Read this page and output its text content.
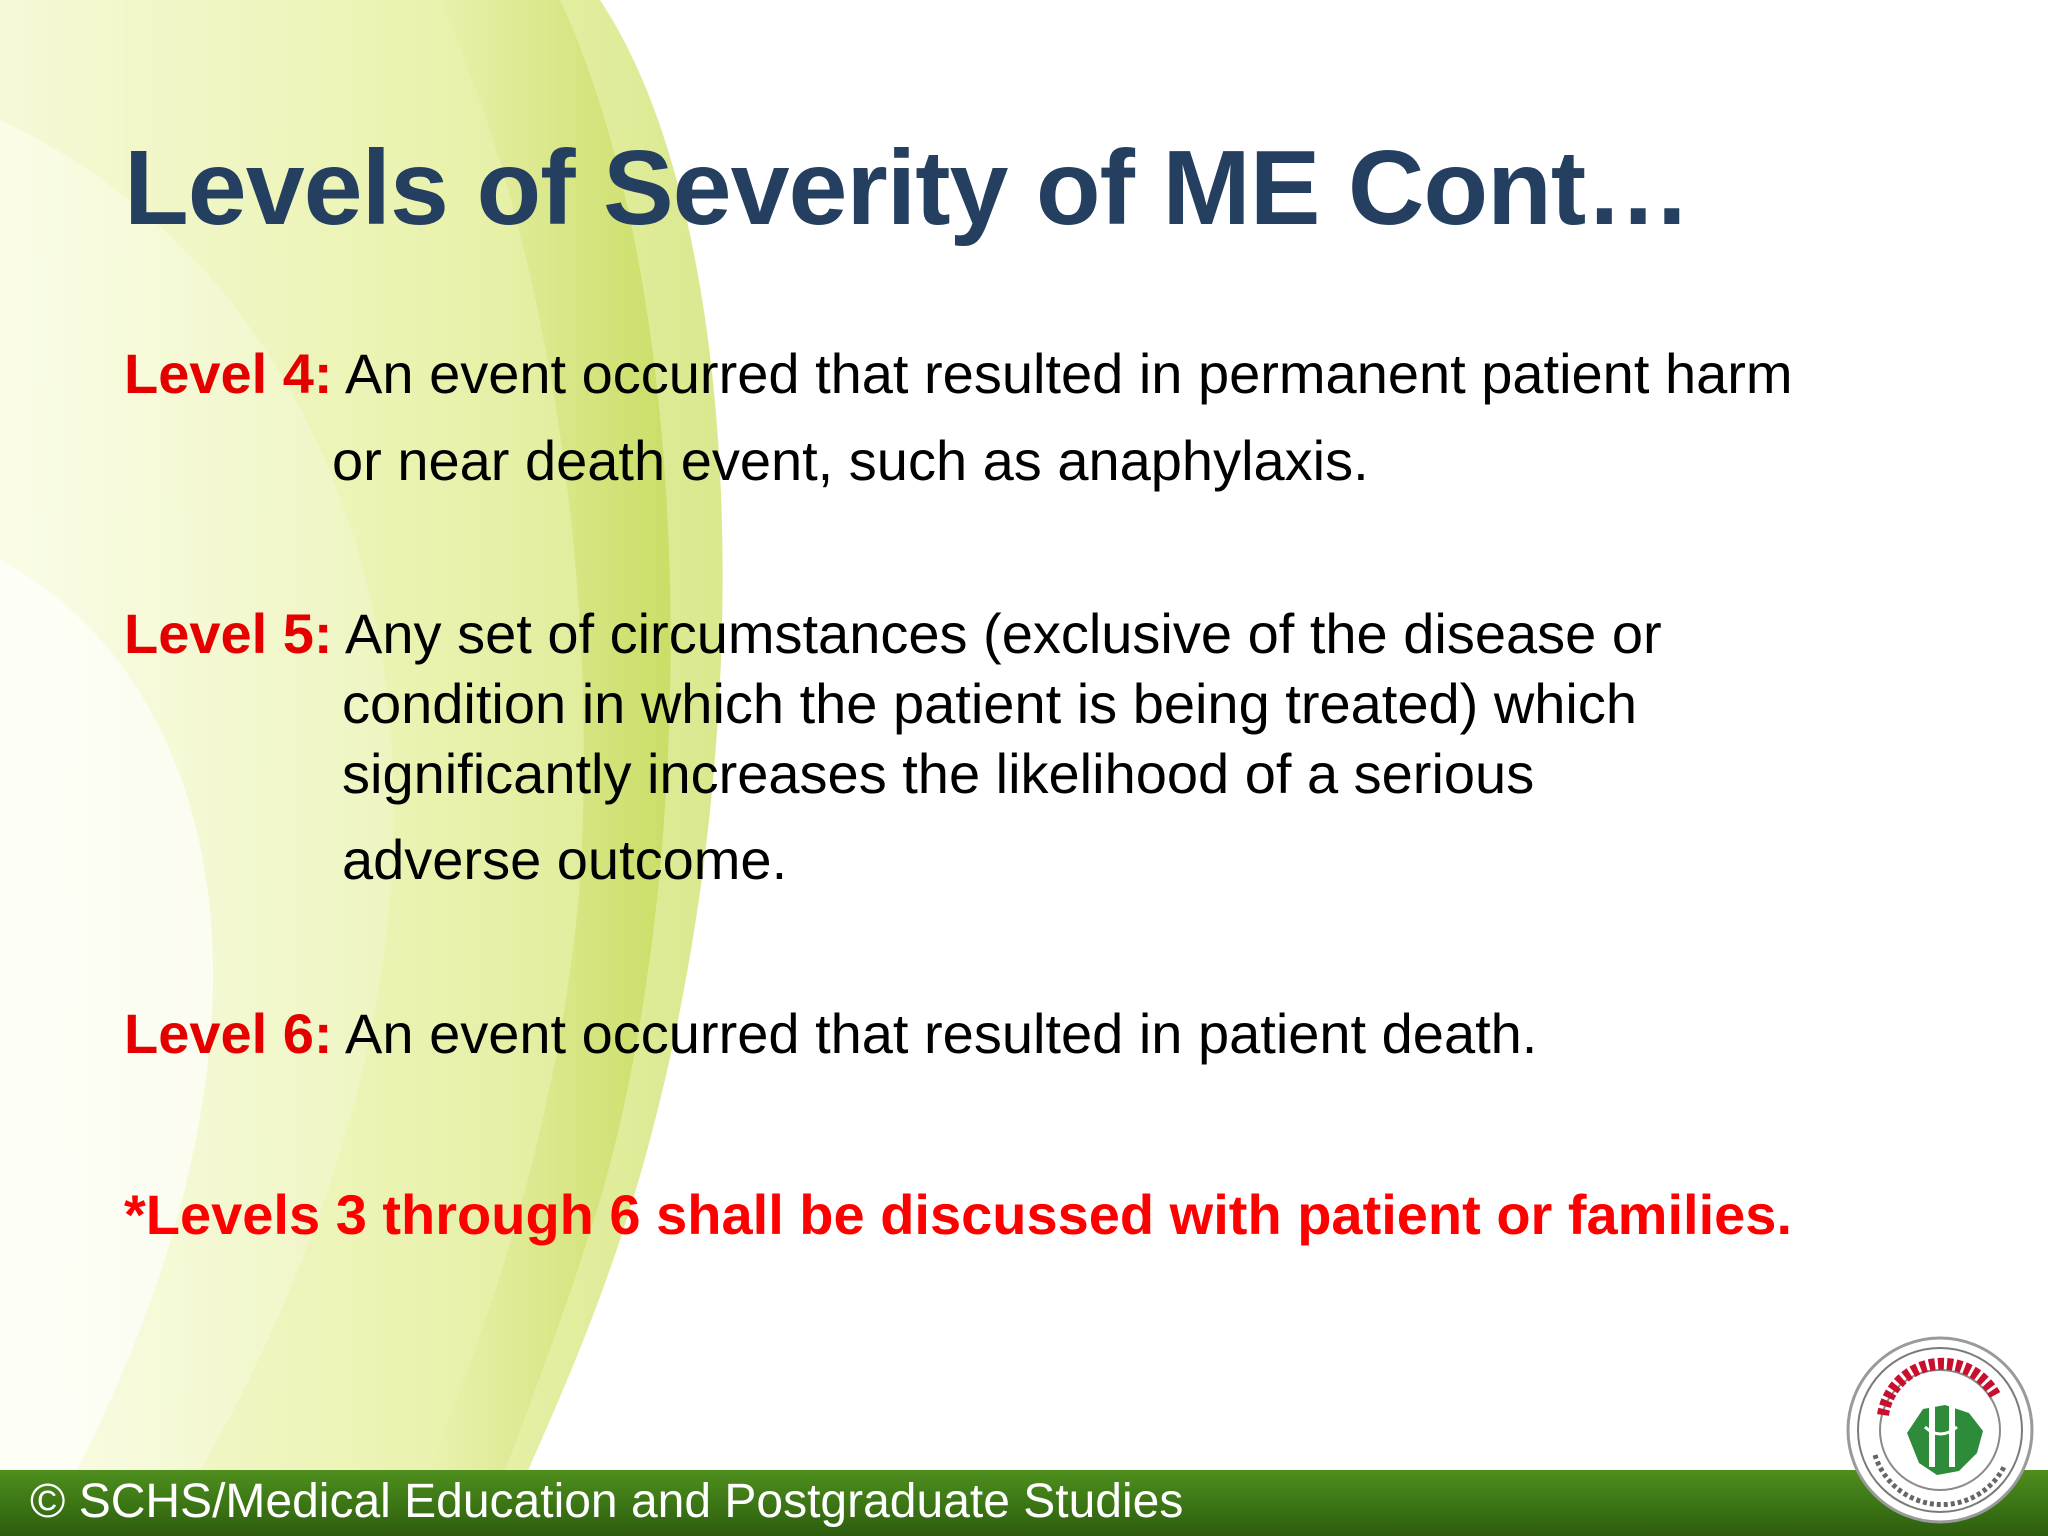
Levels of Severity of ME Cont…
Level 4: An event occurred that resulted in permanent patient harm
or near death event, such as anaphylaxis.
Level 5: Any set of circumstances (exclusive of the disease or
condition in which the patient is being treated) which
significantly increases the likelihood of a serious
adverse outcome.
Level 6: An event occurred that resulted in patient death.
*Levels 3 through 6 shall be discussed with patient or families.
© SCHS/Medical Education and Postgraduate Studies
